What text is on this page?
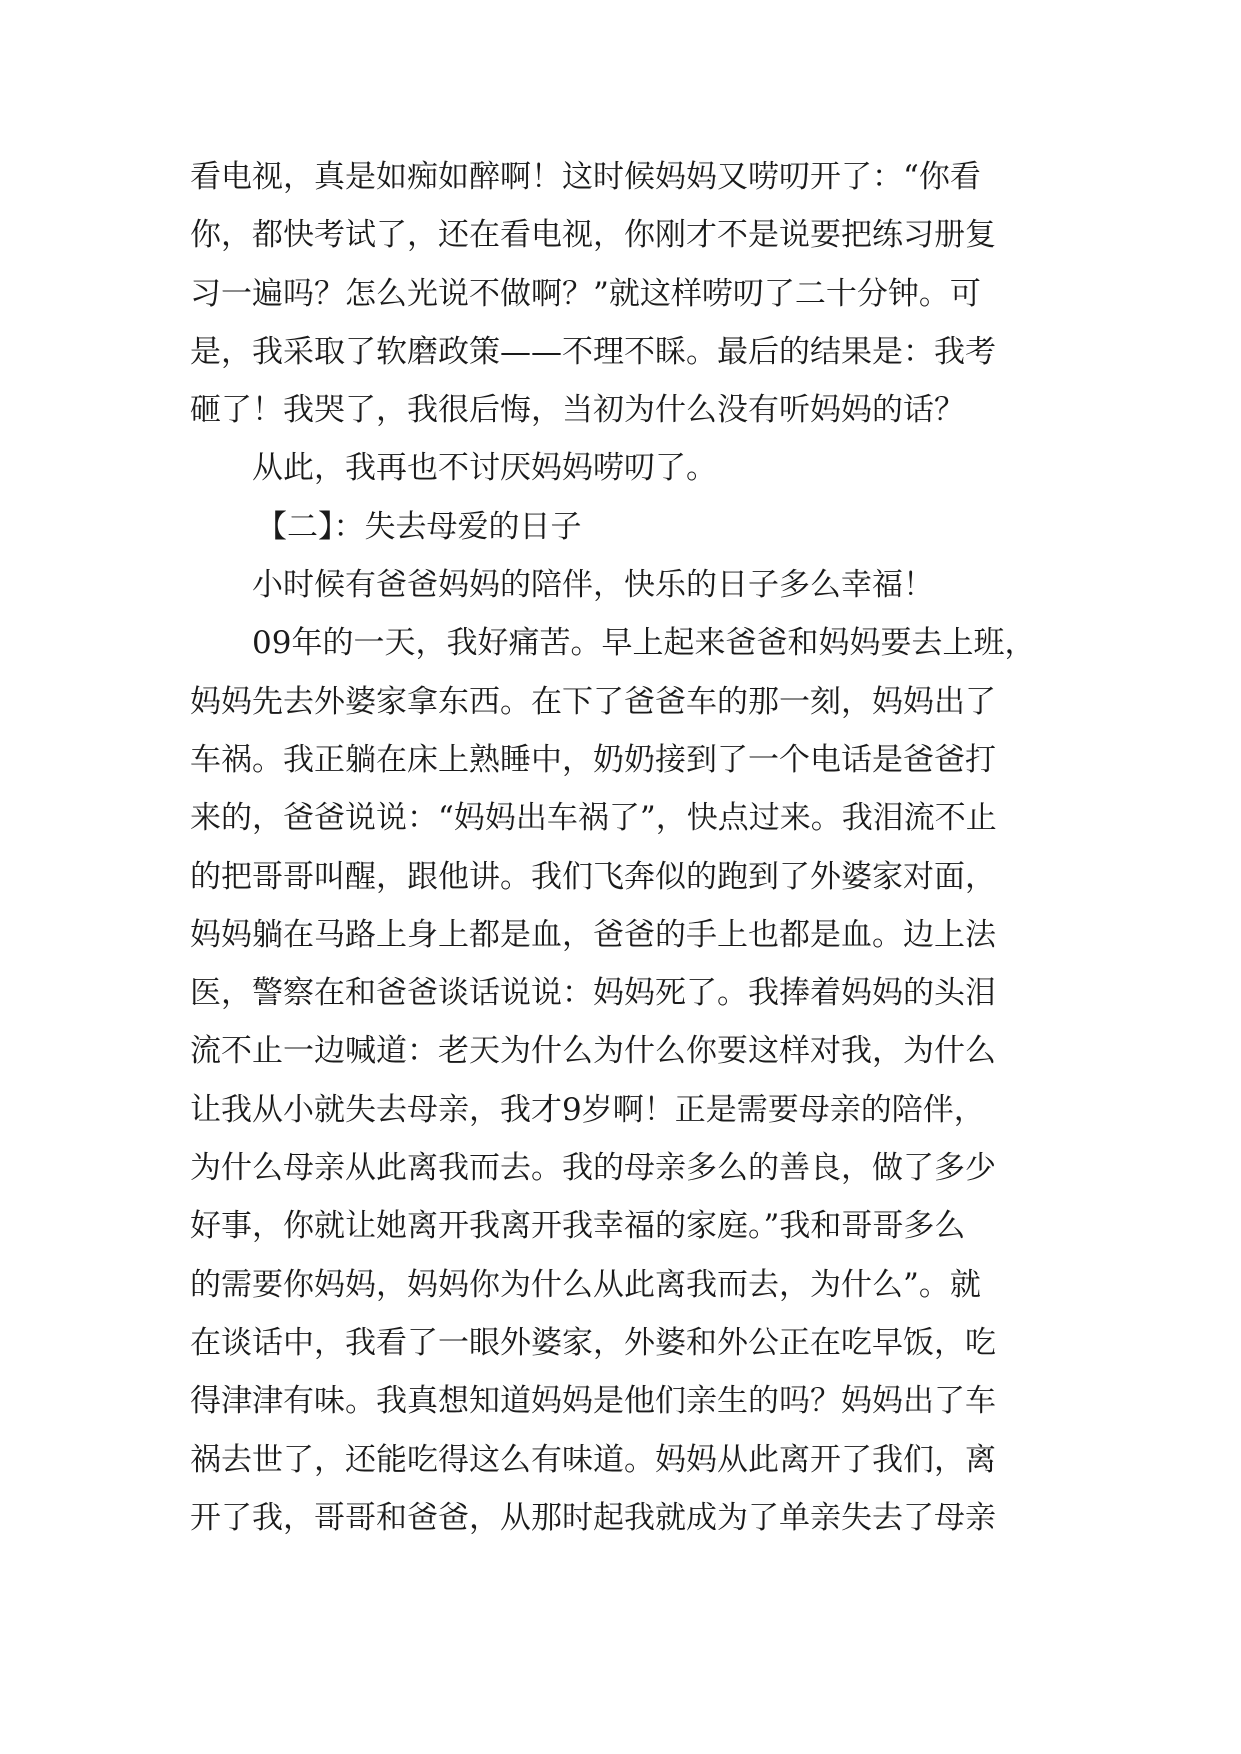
看电视，真是如痴如醉啊！这时候妈妈又唠叨开了：“你看
你，都快考试了，还在看电视，你刚才不是说要把练习册复
习一遍吗？怎么光说不做啊？”就这样唠叨了二十分钟。可
是，我采取了软磨政策——不理不睬。最后的结果是：我考
砸了！我哭了，我很后悔，当初为什么没有听妈妈的话？
从此，我再也不讨厌妈妈唠叨了。
【二】：失去母爱的日子
小时候有爸爸妈妈的陪伴，快乐的日子多么幸福！
09年的一天，我好痛苦。早上起来爸爸和妈妈要去上班，
妈妈先去外婆家拿东西。在下了爸爸车的那一刻，妈妈出了
车祸。我正躺在床上熟睡中，奶奶接到了一个电话是爸爸打
来的，爸爸说说：“妈妈出车祸了”，快点过来。我泪流不止
的把哥哥叫醒，跟他讲。我们飞奔似的跑到了外婆家对面，
妈妈躺在马路上身上都是血，爸爸的手上也都是血。边上法
医，警察在和爸爸谈话说说：妈妈死了。我捧着妈妈的头泪
流不止一边喊道：老天为什么为什么你要这样对我，为什么
让我从小就失去母亲，我才9岁啊！正是需要母亲的陪伴，
为什么母亲从此离我而去。我的母亲多么的善良，做了多少
好事，你就让她离开我离开我幸福的家庭。”我和哥哥多么
的需要你妈妈，妈妈你为什么从此离我而去，为什么”。就
在谈话中，我看了一眼外婆家，外婆和外公正在吃早饭，吃
得津津有味。我真想知道妈妈是他们亲生的吗？妈妈出了车
祸去世了，还能吃得这么有味道。妈妈从此离开了我们，离
开了我，哥哥和爸爸，从那时起我就成为了单亲失去了母亲
